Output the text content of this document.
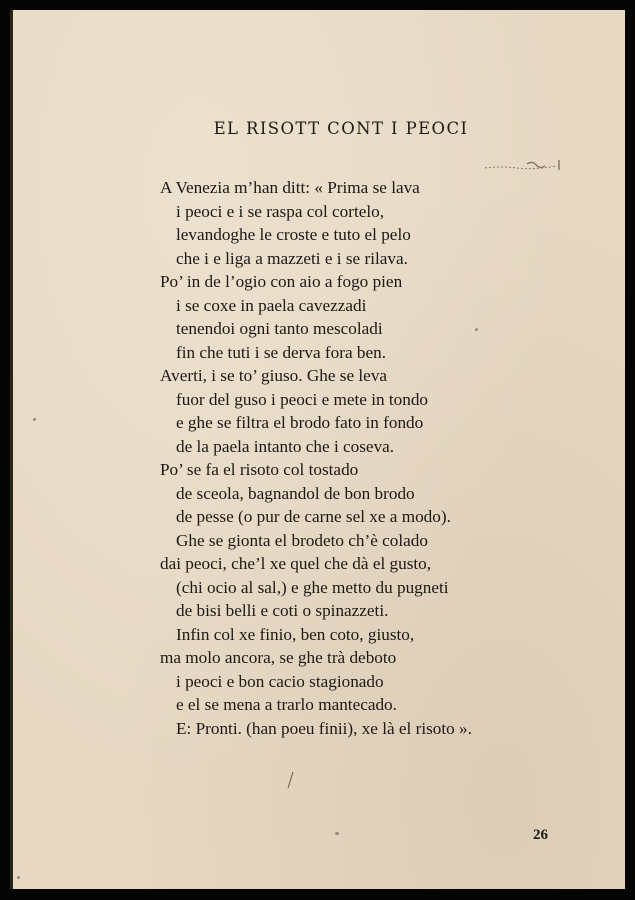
EL RISOTT CONT I PEOCI
A Venezia m’han ditt: « Prima se lava
i peoci e i se raspa col cortelo,
levandoghe le croste e tuto el pelo
che i e liga a mazzeti e i se rilava.
Po’ in de l’ogio con aio a fogo pien
i se coxe in paela cavezzadi
tenendoi ogni tanto mescoladi
fin che tuti i se derva fora ben.
Averti, i se to’ giuso. Ghe se leva
fuor del guso i peoci e mete in tondo
e ghe se filtra el brodo fato in fondo
de la paela intanto che i coseva.
Po’ se fa el risoto col tostado
de sceola, bagnandol de bon brodo
de pesse (o pur de carne sel xe a modo).
Ghe se gionta el brodeto ch’è colado
dai peoci, che’l xe quel che dà el gusto,
(chi ocio al sal,) e ghe metto du pugneti
de bisi belli e coti o spinazzeti.
Infin col xe finio, ben coto, giusto,
ma molo ancora, se ghe trà deboto
i peoci e bon cacio stagionado
e el se mena a trarlo mantecado.
E: Pronti. (han poeu finii), xe là el risoto ».
26
